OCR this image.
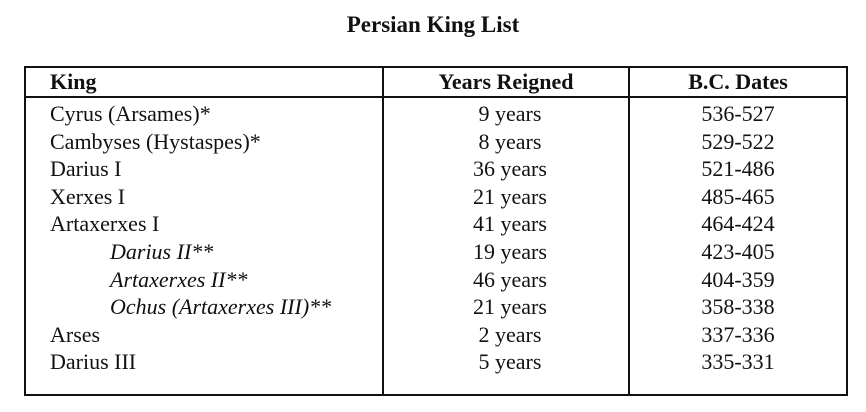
Persian King List
King	Years Reigned	B.C. Dates
Cyrus (Arsames)*	9 years	536-527
Cambyses (Hystaspes)*	8 years	529-522
Darius I	36 years	521-486
Xerxes I	21 years	485-465
Artaxerxes I	41 years	464-424
Darius II**	19 years	423-405
Artaxerxes II**	46 years	404-359
Ochus (Artaxerxes III)**	21 years	358-338
Arses	2 years	337-336
Darius III	5 years	335-331
